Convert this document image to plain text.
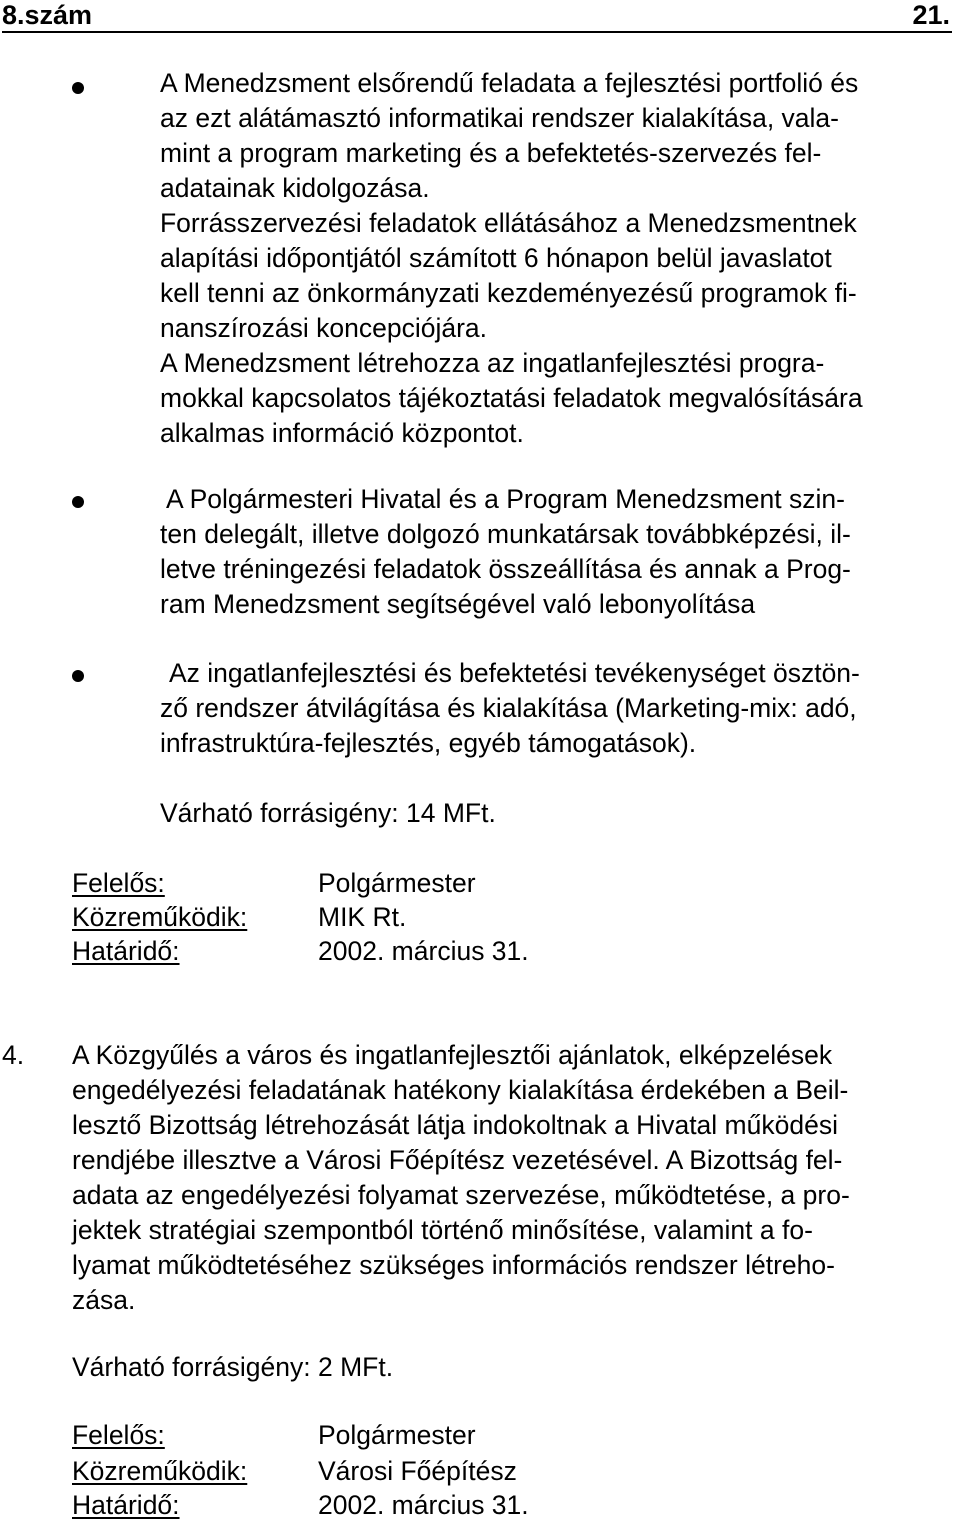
8.szám	21.
A Menedzsment elsőrendű feladata a fejlesztési portfolió és
az ezt alátámasztó informatikai rendszer kialakítása, vala-
mint a program marketing és a befektetés-szervezés fel-
adatainak kidolgozása.
Forrásszervezési feladatok ellátásához a Menedzsmentnek
alapítási időpontjától számított 6 hónapon belül javaslatot
kell tenni az önkormányzati kezdeményezésű programok fi-
nanszírozási koncepciójára.
A Menedzsment létrehozza az ingatlanfejlesztési progra-
mokkal kapcsolatos tájékoztatási feladatok megvalósítására
alkalmas információ központot.
A Polgármesteri Hivatal és a Program Menedzsment szin-
ten delegált, illetve dolgozó munkatársak továbbképzési, il-
letve tréningezési feladatok összeállítása és annak a Prog-
ram Menedzsment segítségével való lebonyolítása
Az ingatlanfejlesztési és befektetési tevékenységet ösztön-
ző rendszer átvilágítása és kialakítása (Marketing-mix: adó,
infrastruktúra-fejlesztés, egyéb támogatások).
Várható forrásigény: 14 MFt.
Felelős:	Polgármester
Közreműködik:	MIK Rt.
Határidő:	2002. március 31.
4. A Közgyűlés a város és ingatlanfejlesztői ajánlatok, elképzelések
engedélyezési feladatának hatékony kialakítása érdekében a Beil-
lesztő Bizottság létrehozását látja indokoltnak a Hivatal működési
rendjébe illesztve a Városi Főépítész vezetésével. A Bizottság fel-
adata az engedélyezési folyamat szervezése, működtetése, a pro-
jektek stratégiai szempontból történő minősítése, valamint a fo-
lyamat működtetéséhez szükséges információs rendszer létreho-
zása.
Várható forrásigény: 2 MFt.
Felelős:	Polgármester
Közreműködik:	Városi Főépítész
Határidő:	2002. március 31.
